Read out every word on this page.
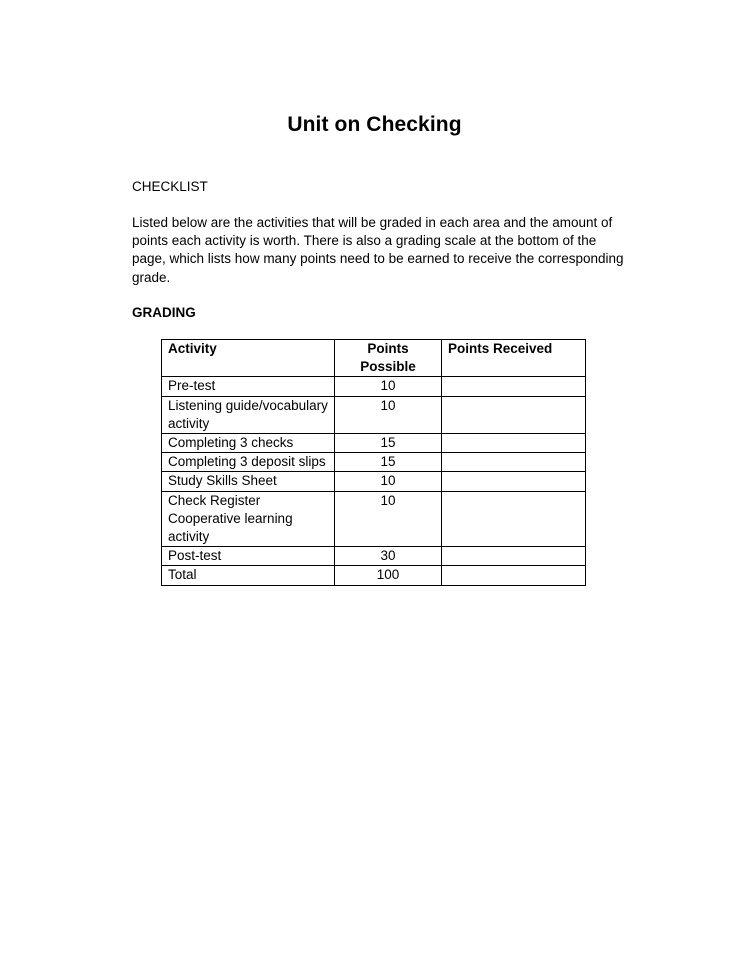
Unit on Checking
CHECKLIST
Listed below are the activities that will be graded in each area and the amount of points each activity is worth. There is also a grading scale at the bottom of the page, which lists how many points need to be earned to receive the corresponding grade.
GRADING
Activity	Points Possible	Points Received
Pre-test	10	
Listening guide/vocabulary activity	10	
Completing 3 checks	15	
Completing 3 deposit slips	15	
Study Skills Sheet	10	
Check Register Cooperative learning activity	10	
Post-test	30	
Total	100	
